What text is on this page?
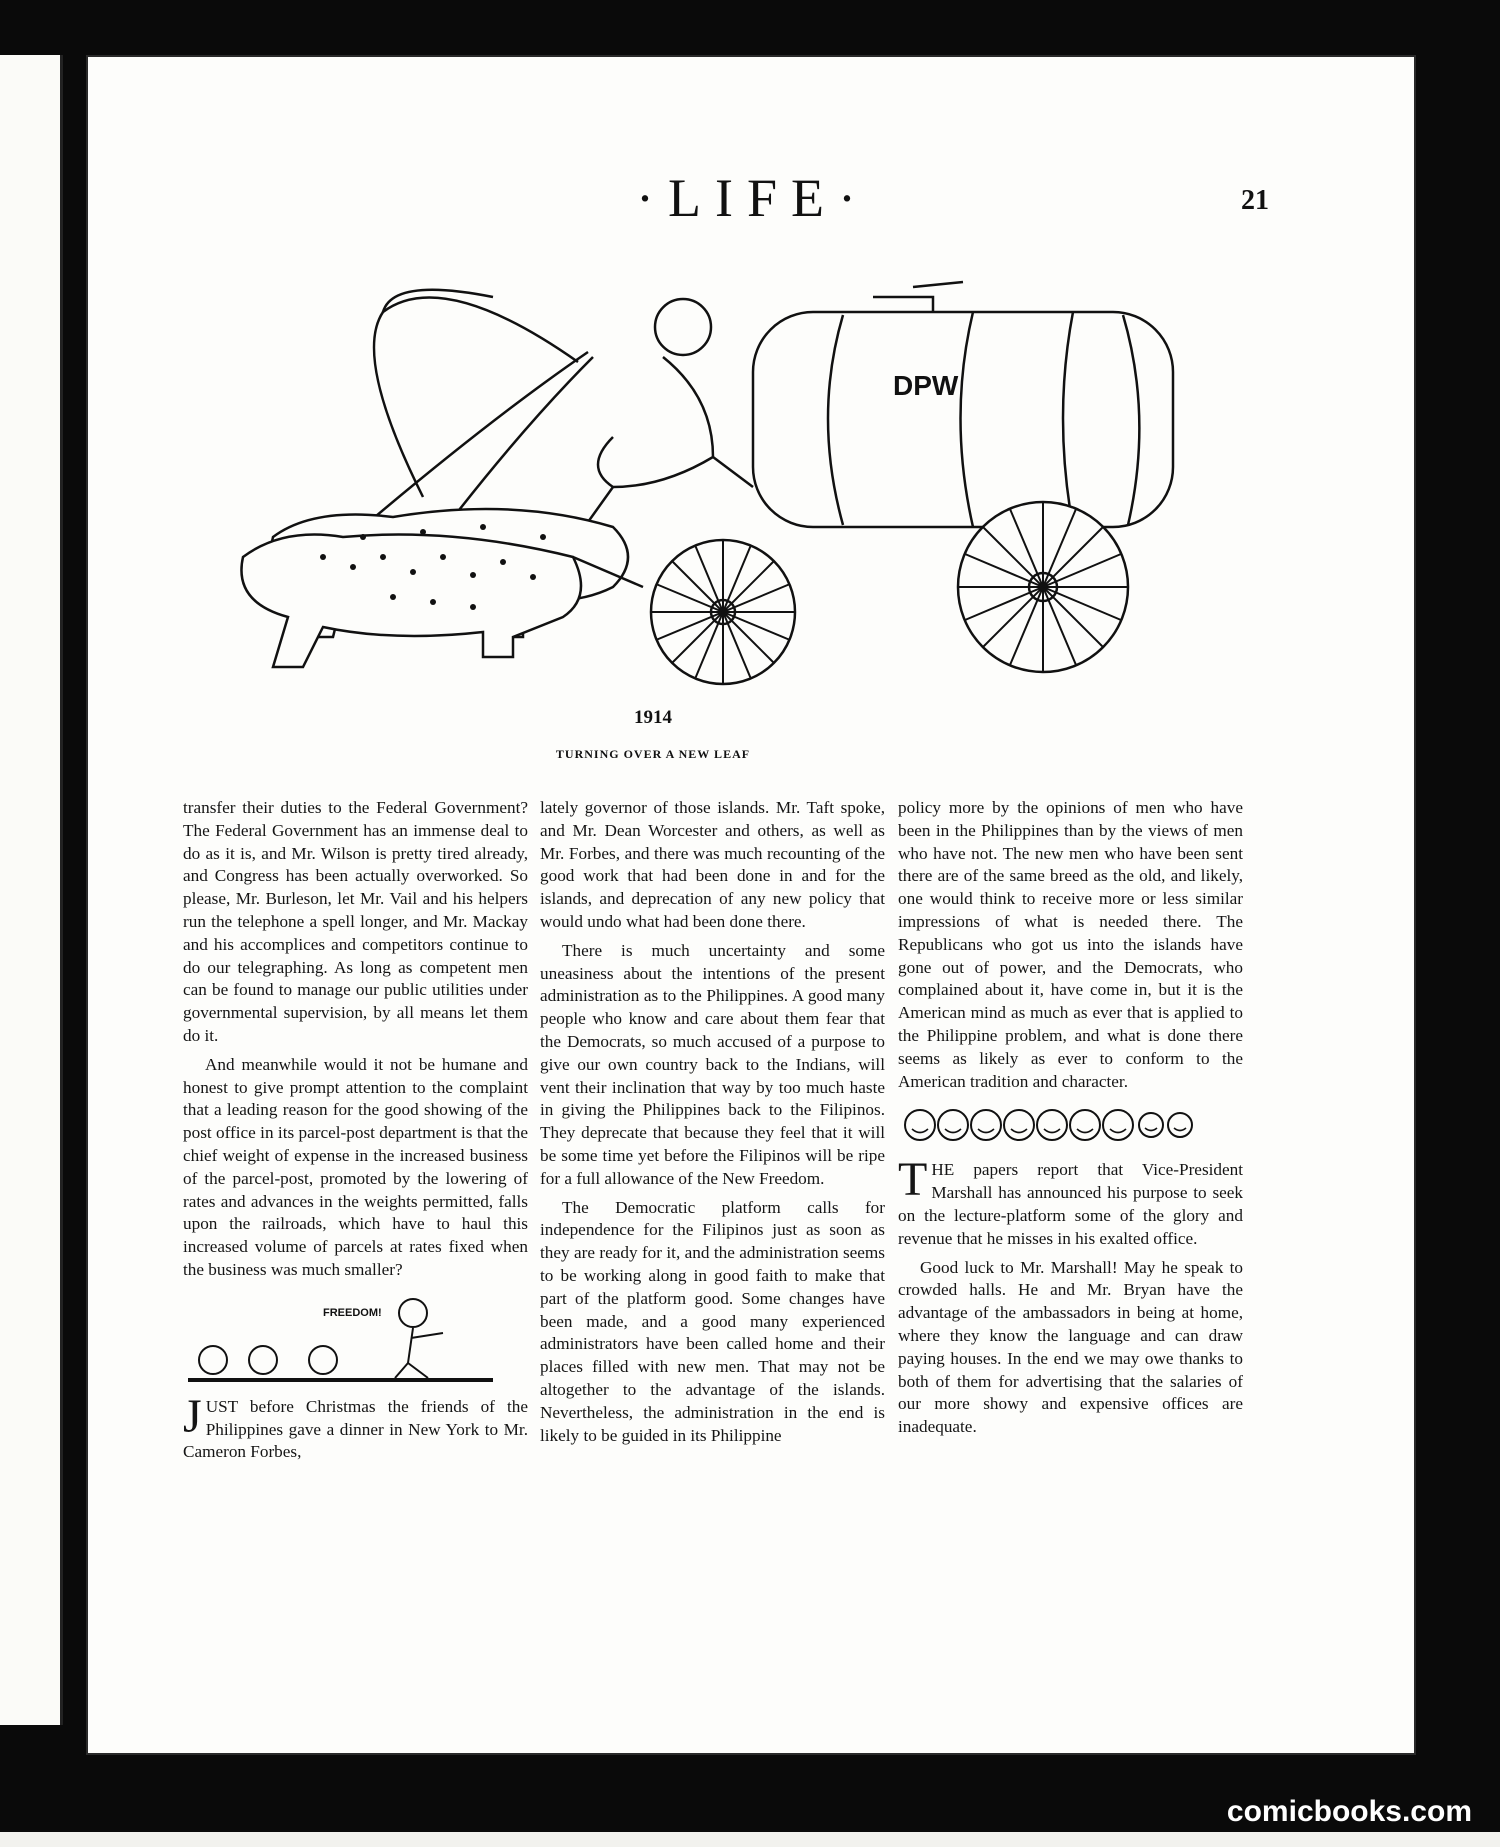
·LIFE·	21
DPW
1914
TURNING OVER A NEW LEAF

transfer their duties to the Federal Government? The Federal Government has an immense deal to do as it is, and Mr. Wilson is pretty tired already, and Congress has been actually overworked. So please, Mr. Burleson, let Mr. Vail and his helpers run the telephone a spell longer, and Mr. Mackay and his accomplices and competitors continue to do our telegraphing. As long as competent men can be found to manage our public utilities under governmental supervision, by all means let them do it.

And meanwhile would it not be humane and honest to give prompt attention to the complaint that a leading reason for the good showing of the post office in its parcel-post department is that the chief weight of expense in the increased business of the parcel-post, promoted by the lowering of rates and advances in the weights permitted, falls upon the railroads, which have to haul this increased volume of parcels at rates fixed when the business was much smaller?

FREEDOM!

JUST before Christmas the friends of the Philippines gave a dinner in New York to Mr. Cameron Forbes,

lately governor of those islands. Mr. Taft spoke, and Mr. Dean Worcester and others, as well as Mr. Forbes, and there was much recounting of the good work that had been done in and for the islands, and deprecation of any new policy that would undo what had been done there.

There is much uncertainty and some uneasiness about the intentions of the present administration as to the Philippines. A good many people who know and care about them fear that the Democrats, so much accused of a purpose to give our own country back to the Indians, will vent their inclination that way by too much haste in giving the Philippines back to the Filipinos. They deprecate that because they feel that it will be some time yet before the Filipinos will be ripe for a full allowance of the New Freedom.

The Democratic platform calls for independence for the Filipinos just as soon as they are ready for it, and the administration seems to be working along in good faith to make that part of the platform good. Some changes have been made, and a good many experienced administrators have been called home and their places filled with new men. That may not be altogether to the advantage of the islands. Nevertheless, the administration in the end is likely to be guided in its Philippine

policy more by the opinions of men who have been in the Philippines than by the views of men who have not. The new men who have been sent there are of the same breed as the old, and likely, one would think to receive more or less similar impressions of what is needed there. The Republicans who got us into the islands have gone out of power, and the Democrats, who complained about it, have come in, but it is the American mind as much as ever that is applied to the Philippine problem, and what is done there seems as likely as ever to conform to the American tradition and character.

THE papers report that Vice-President Marshall has announced his purpose to seek on the lecture-platform some of the glory and revenue that he misses in his exalted office.

Good luck to Mr. Marshall! May he speak to crowded halls. He and Mr. Bryan have the advantage of the ambassadors in being at home, where they know the language and can draw paying houses. In the end we may owe thanks to both of them for advertising that the salaries of our more showy and expensive offices are inadequate.

comicbooks.com
